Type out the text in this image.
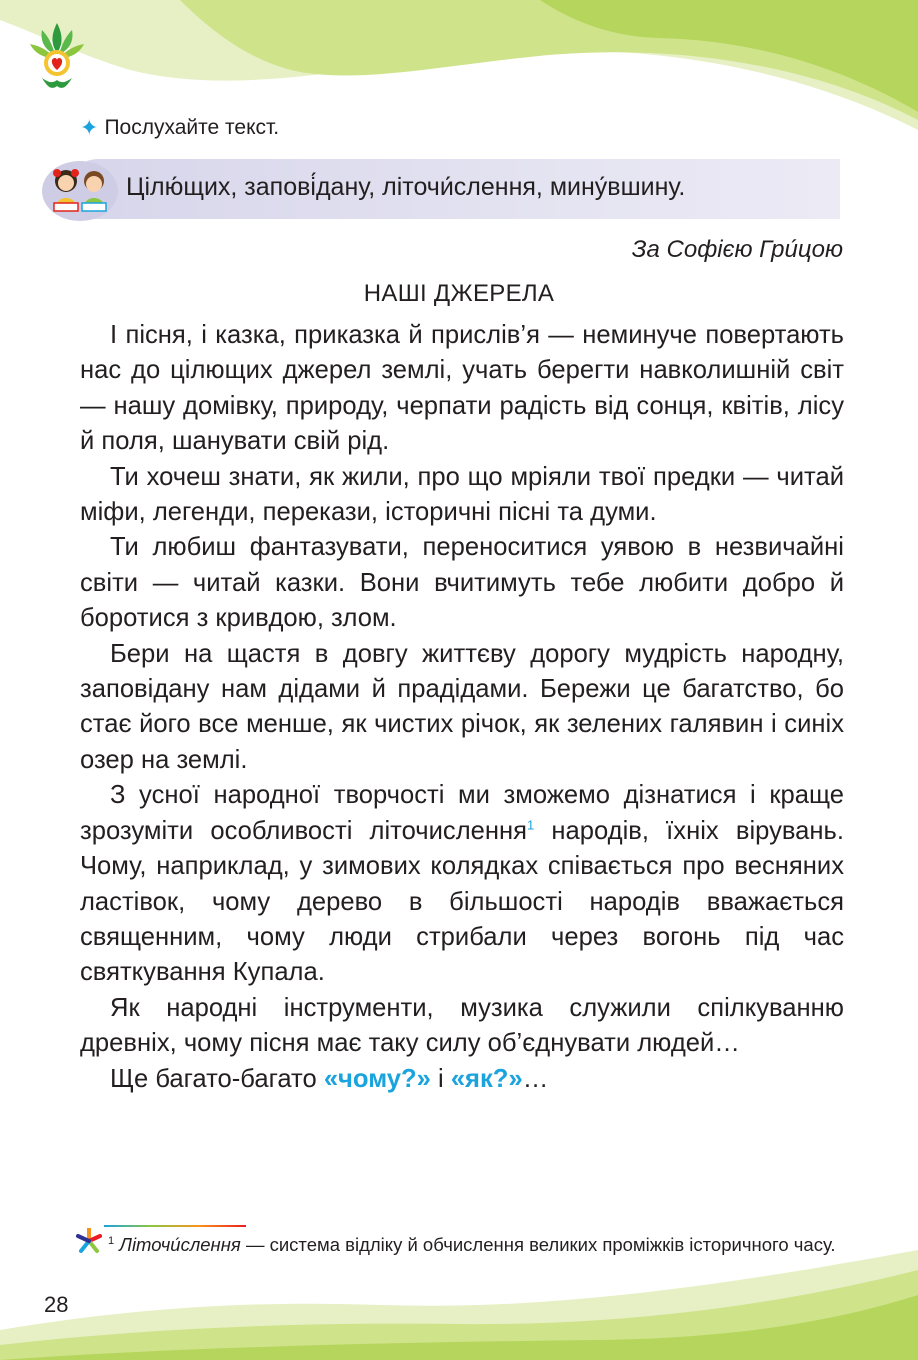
✦ Послухайте текст.
Цілю́щих, запові́дану, літочи́слення, мину́вшину.
За Софією Гри́цою
НАШІ ДЖЕРЕЛА

І пісня, і казка, приказка й прислів’я — неминуче повертають нас до цілющих джерел землі, учать берегти навколишній світ — нашу домівку, природу, черпати радість від сонця, квітів, лісу й поля, шанувати свій рід.

Ти хочеш знати, як жили, про що мріяли твої предки — читай міфи, легенди, перекази, історичні пісні та думи.

Ти любиш фантазувати, переноситися уявою в незвичайні світи — читай казки. Вони вчитимуть тебе любити добро й боротися з кривдою, злом.

Бери на щастя в довгу життєву дорогу мудрість народну, заповідану нам дідами й прадідами. Бережи це багатство, бо стає його все менше, як чистих річок, як зелених галявин і синіх озер на землі.

З усної народної творчості ми зможемо дізнатися і краще зрозуміти особливості літочислення$^1$ народів, їхніх вірувань. Чому, наприклад, у зимових колядках співається про весняних ластівок, чому дерево в більшості народів вважається священним, чому люди стрибали через вогонь під час святкування Купала.

Як народні інструменти, музика служили спілкуванню древніх, чому пісня має таку силу об’єднувати людей…

Ще багато-багато «чому?» і «як?»…

$^1$ Літочи́слення — система відліку й обчислення великих проміжків історичного часу.
28
